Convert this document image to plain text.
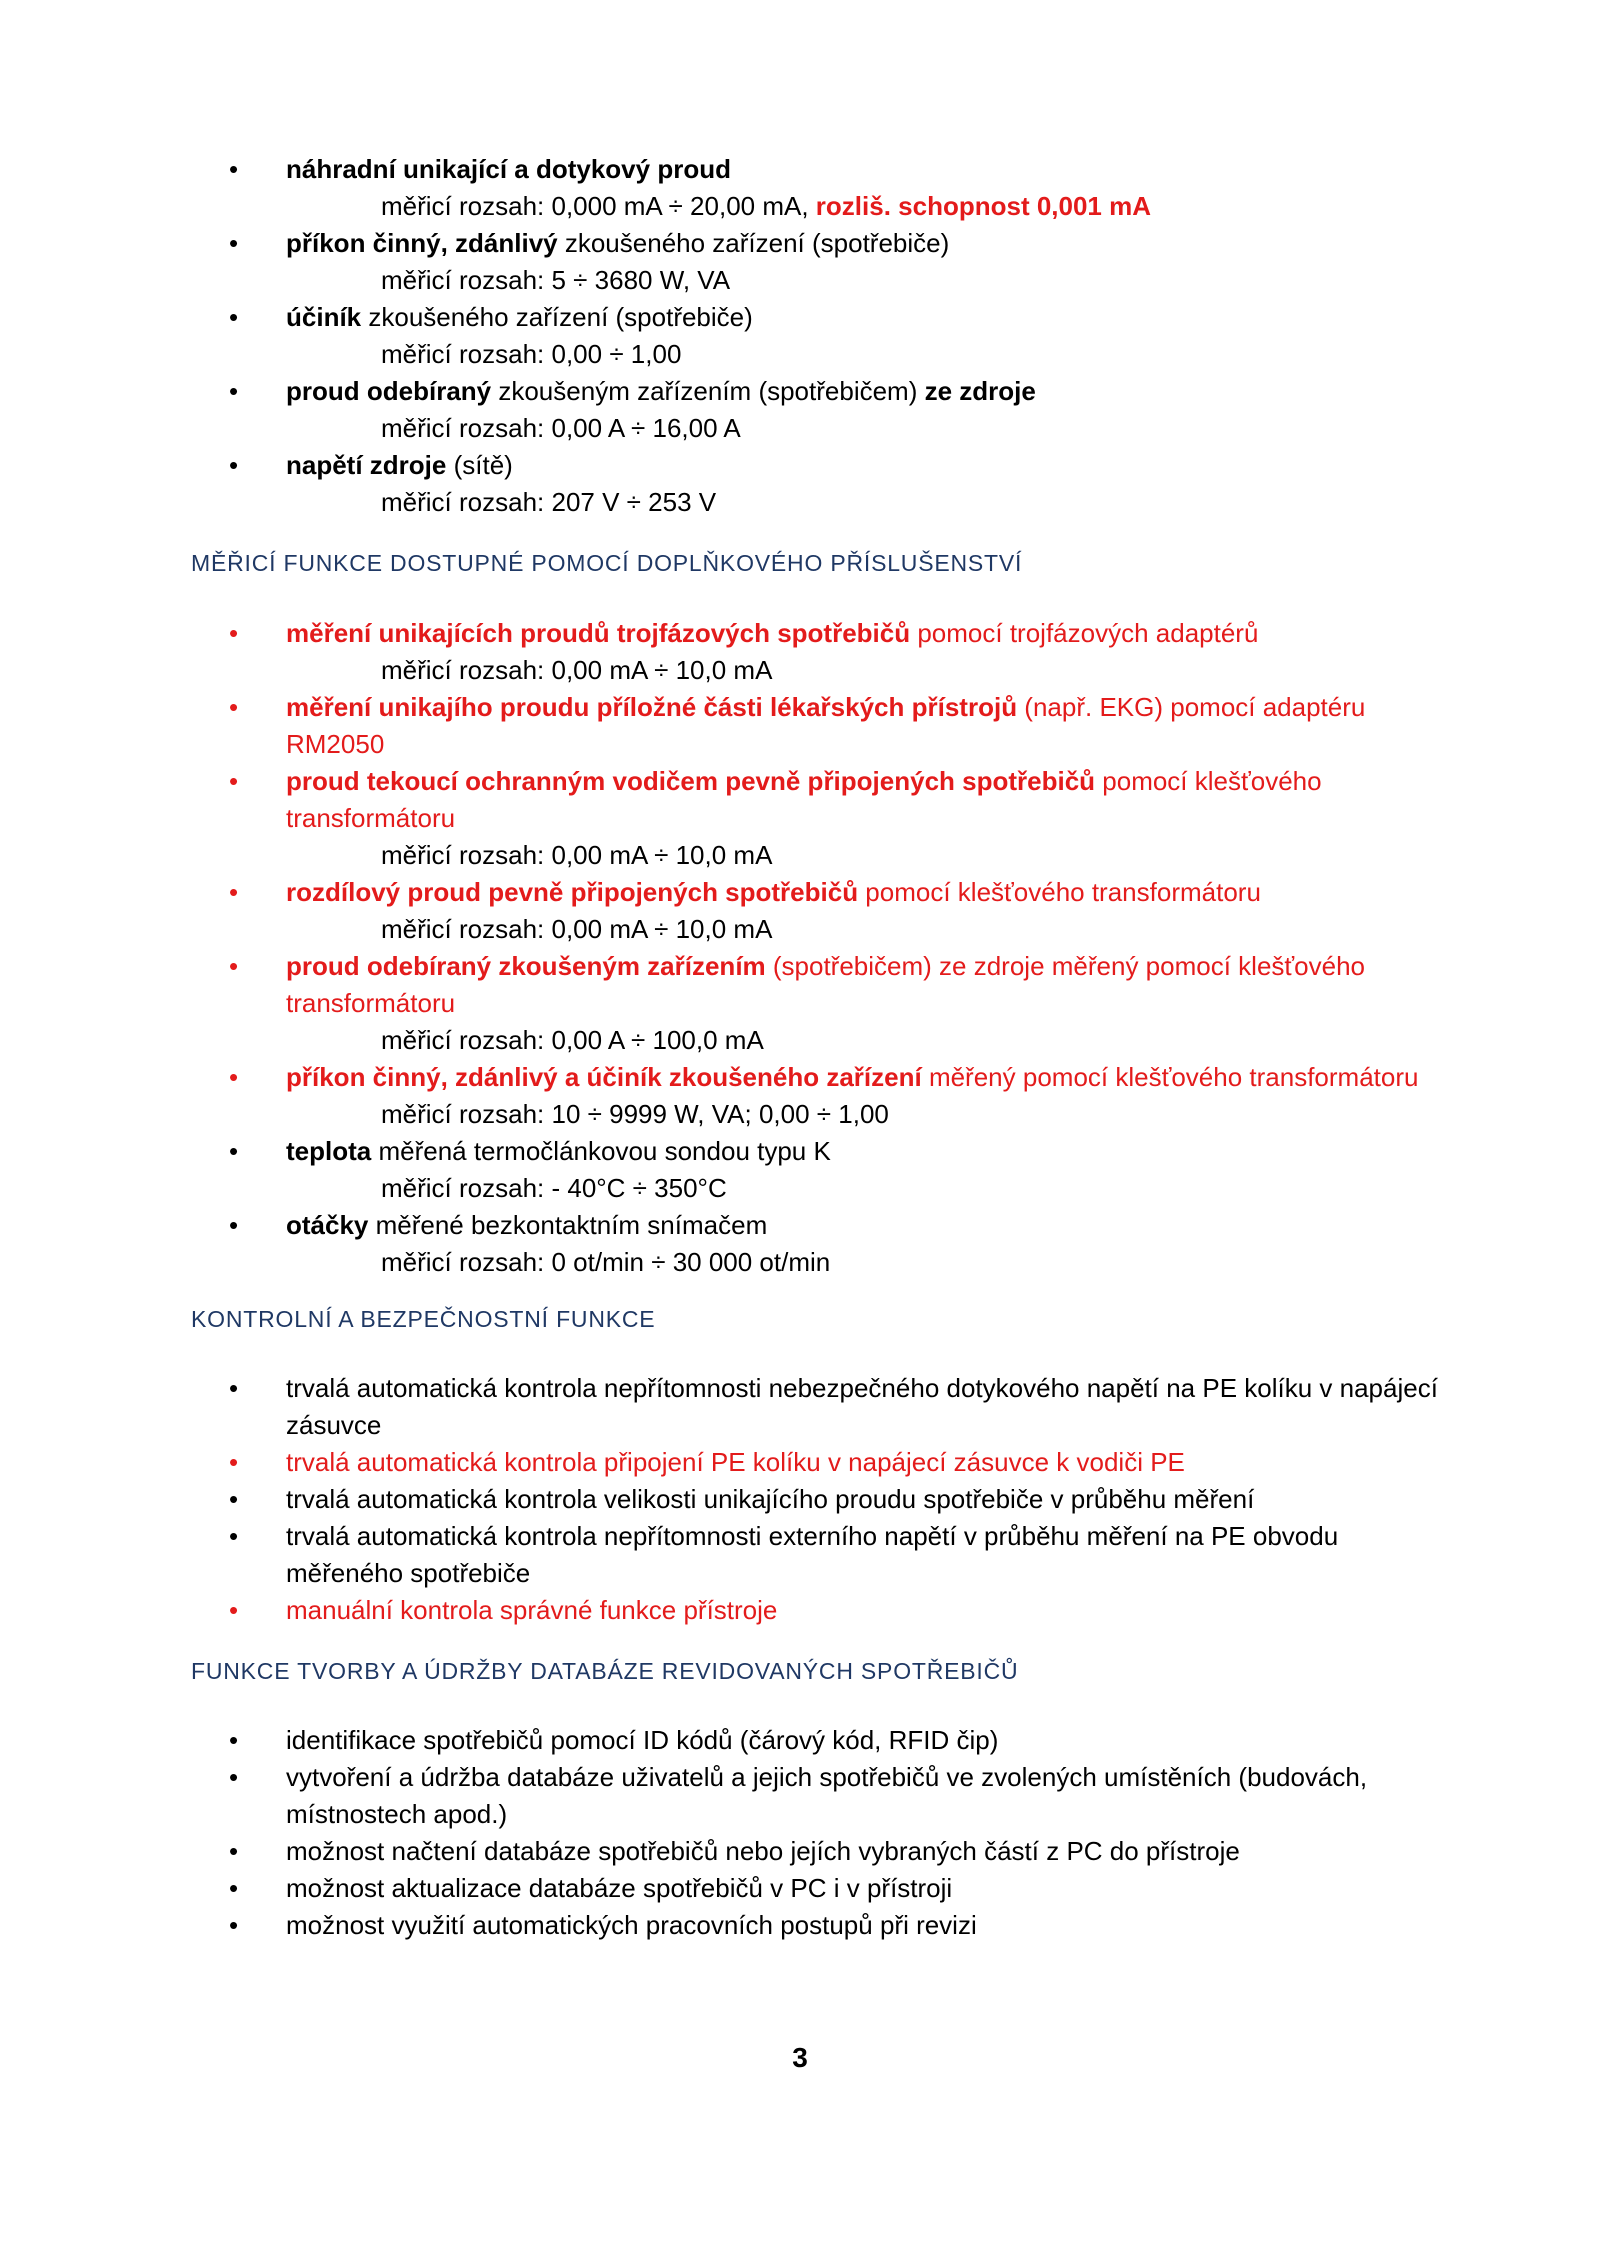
• náhradní unikající a dotykový proud

měřicí rozsah: 0,000 mA ÷ 20,00 mA, rozliš. schopnost 0,001 mA

• příkon činný, zdánlivý zkoušeného zařízení (spotřebiče)

měřicí rozsah: 5 ÷ 3680 W, VA

• účiník zkoušeného zařízení (spotřebiče)

měřicí rozsah: 0,00 ÷ 1,00

• proud odebíraný zkoušeným zařízením (spotřebičem) ze zdroje

měřicí rozsah: 0,00 A ÷ 16,00 A

• napětí zdroje (sítě)

měřicí rozsah: 207 V ÷ 253 V

MĚŘICÍ FUNKCE DOSTUPNÉ POMOCÍ DOPLŇKOVÉHO PŘÍSLUŠENSTVÍ

• měření unikajících proudů trojfázových spotřebičů pomocí trojfázových adaptérů

měřicí rozsah: 0,00 mA ÷ 10,0 mA

• měření unikajího proudu příložné části lékařských přístrojů (např. EKG) pomocí adaptéru RM2050

• proud tekoucí ochranným vodičem pevně připojených spotřebičů pomocí klešťového transformátoru

měřicí rozsah: 0,00 mA ÷ 10,0 mA

• rozdílový proud pevně připojených spotřebičů pomocí klešťového transformátoru

měřicí rozsah: 0,00 mA ÷ 10,0 mA

• proud odebíraný zkoušeným zařízením (spotřebičem) ze zdroje měřený pomocí klešťového transformátoru

měřicí rozsah: 0,00 A ÷ 100,0 mA

• příkon činný, zdánlivý a účiník zkoušeného zařízení měřený pomocí klešťového transformátoru

měřicí rozsah: 10 ÷ 9999 W, VA; 0,00 ÷ 1,00

• teplota měřená termočlánkovou sondou typu K

měřicí rozsah: - 40°C ÷ 350°C

• otáčky měřené bezkontaktním snímačem

měřicí rozsah: 0 ot/min ÷ 30 000 ot/min

KONTROLNÍ A BEZPEČNOSTNÍ FUNKCE

• trvalá automatická kontrola nepřítomnosti nebezpečného dotykového napětí na PE kolíku v napájecí zásuvce

• trvalá automatická kontrola připojení PE kolíku v napájecí zásuvce k vodiči PE

• trvalá automatická kontrola velikosti unikajícího proudu spotřebiče v průběhu měření

• trvalá automatická kontrola nepřítomnosti externího napětí v průběhu měření na PE obvodu měřeného spotřebiče

• manuální kontrola správné funkce přístroje

FUNKCE TVORBY A ÚDRŽBY DATABÁZE REVIDOVANÝCH SPOTŘEBIČŮ

• identifikace spotřebičů pomocí ID kódů (čárový kód, RFID čip)

• vytvoření a údržba databáze uživatelů a jejich spotřebičů ve zvolených umístěních (budovách, místnostech apod.)

• možnost načtení databáze spotřebičů nebo jejích vybraných částí z PC do přístroje

• možnost aktualizace databáze spotřebičů v PC i v přístroji

• možnost využití automatických pracovních postupů při revizi

3
